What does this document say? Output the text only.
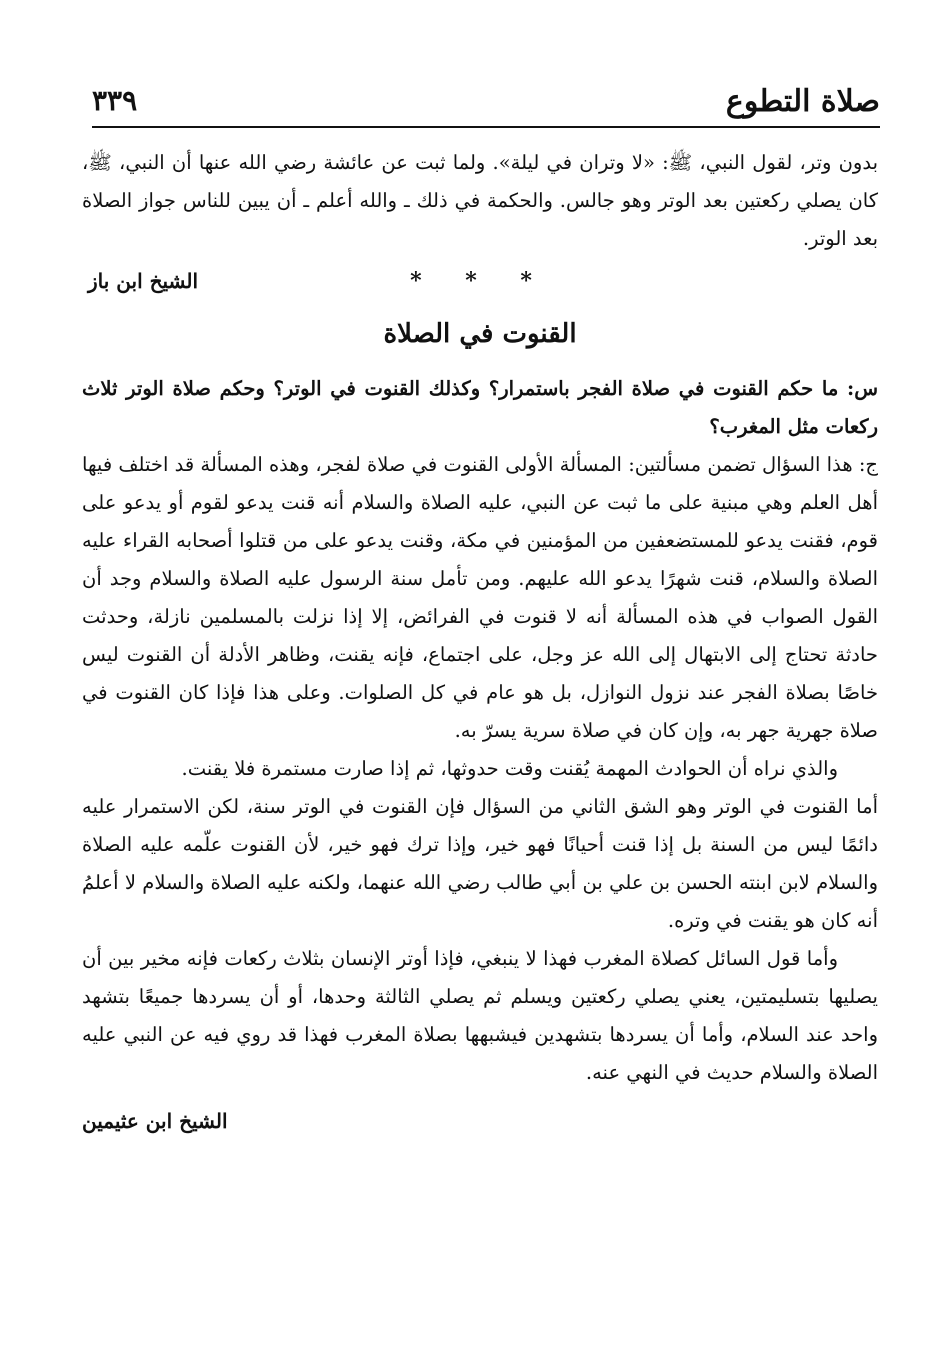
صلاة التطوع
٣٣٩

بدون وتر، لقول النبي، ﷺ: «لا وتران في ليلة». ولما ثبت عن عائشة رضي الله عنها أن النبي، ﷺ، كان يصلي ركعتين بعد الوتر وهو جالس. والحكمة في ذلك ـ والله أعلم ـ أن يبين للناس جواز الصلاة بعد الوتر.

* * *
الشيخ ابن باز
القنوت في الصلاة

س: ما حكم القنوت في صلاة الفجر باستمرار؟ وكذلك القنوت في الوتر؟ وحكم صلاة الوتر ثلاث ركعات مثل المغرب؟

ج: هذا السؤال تضمن مسألتين: المسألة الأولى القنوت في صلاة لفجر، وهذه المسألة قد اختلف فيها أهل العلم وهي مبنية على ما ثبت عن النبي، عليه الصلاة والسلام أنه قنت يدعو لقوم أو يدعو على قوم، فقنت يدعو للمستضعفين من المؤمنين في مكة، وقنت يدعو على من قتلوا أصحابه القراء عليه الصلاة والسلام، قنت شهرًا يدعو الله عليهم. ومن تأمل سنة الرسول عليه الصلاة والسلام وجد أن القول الصواب في هذه المسألة أنه لا قنوت في الفرائض، إلا إذا نزلت بالمسلمين نازلة، وحدثت حادثة تحتاج إلى الابتهال إلى الله عز وجل، على اجتماع، فإنه يقنت، وظاهر الأدلة أن القنوت ليس خاصًا بصلاة الفجر عند نزول النوازل، بل هو عام في كل الصلوات. وعلى هذا فإذا كان القنوت في صلاة جهرية جهر به، وإن كان في صلاة سرية يسرّ به.

والذي نراه أن الحوادث المهمة يُقنت وقت حدوثها، ثم إذا صارت مستمرة فلا يقنت.

أما القنوت في الوتر وهو الشق الثاني من السؤال فإن القنوت في الوتر سنة، لكن الاستمرار عليه دائمًا ليس من السنة بل إذا قنت أحيانًا فهو خير، وإذا ترك فهو خير، لأن القنوت علّمه عليه الصلاة والسلام لابن ابنته الحسن بن علي بن أبي طالب رضي الله عنهما، ولكنه عليه الصلاة والسلام لا أعلمُ أنه كان هو يقنت في وتره.

وأما قول السائل كصلاة المغرب فهذا لا ينبغي، فإذا أوتر الإنسان بثلاث ركعات فإنه مخير بين أن يصليها بتسليمتين، يعني يصلي ركعتين ويسلم ثم يصلي الثالثة وحدها، أو أن يسردها جميعًا بتشهد واحد عند السلام، وأما أن يسردها بتشهدين فيشبهها بصلاة المغرب فهذا قد روي فيه عن النبي عليه الصلاة والسلام حديث في النهي عنه.

الشيخ ابن عثيمين
